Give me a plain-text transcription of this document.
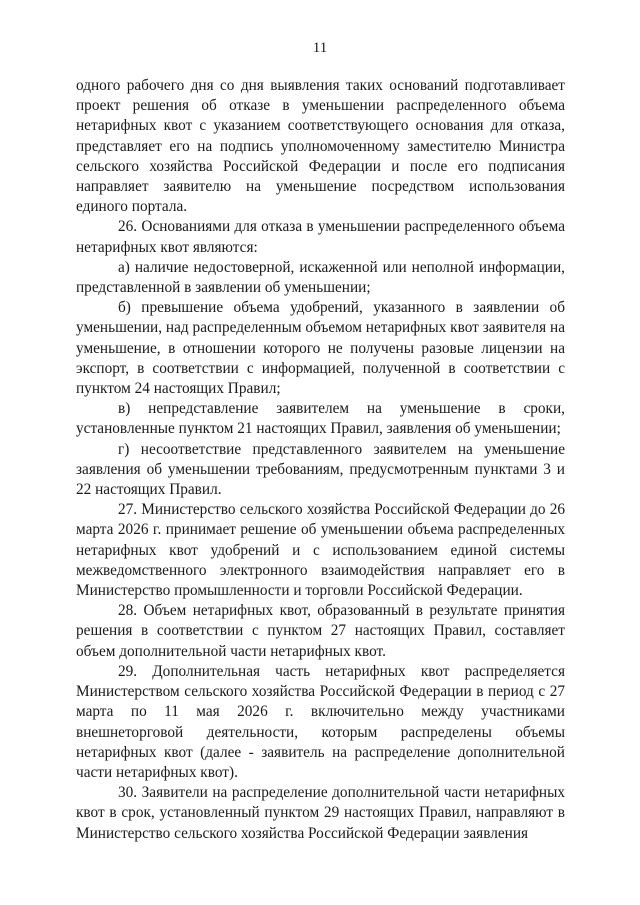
11

одного рабочего дня со дня выявления таких оснований подготавливает проект решения об отказе в уменьшении распределенного объема нетарифных квот с указанием соответствующего основания для отказа, представляет его на подпись уполномоченному заместителю Министра сельского хозяйства Российской Федерации и после его подписания направляет заявителю на уменьшение посредством использования единого портала.

26. Основаниями для отказа в уменьшении распределенного объема нетарифных квот являются:

а) наличие недостоверной, искаженной или неполной информации, представленной в заявлении об уменьшении;

б) превышение объема удобрений, указанного в заявлении об уменьшении, над распределенным объемом нетарифных квот заявителя на уменьшение, в отношении которого не получены разовые лицензии на экспорт, в соответствии с информацией, полученной в соответствии с пунктом 24 настоящих Правил;

в) непредставление заявителем на уменьшение в сроки, установленные пунктом 21 настоящих Правил, заявления об уменьшении;

г) несоответствие представленного заявителем на уменьшение заявления об уменьшении требованиям, предусмотренным пунктами 3 и 22 настоящих Правил.

27. Министерство сельского хозяйства Российской Федерации до 26 марта 2026 г. принимает решение об уменьшении объема распределенных нетарифных квот удобрений и с использованием единой системы межведомственного электронного взаимодействия направляет его в Министерство промышленности и торговли Российской Федерации.

28. Объем нетарифных квот, образованный в результате принятия решения в соответствии с пунктом 27 настоящих Правил, составляет объем дополнительной части нетарифных квот.

29. Дополнительная часть нетарифных квот распределяется Министерством сельского хозяйства Российской Федерации в период с 27 марта по 11 мая 2026 г. включительно между участниками внешнеторговой деятельности, которым распределены объемы нетарифных квот (далее - заявитель на распределение дополнительной части нетарифных квот).

30. Заявители на распределение дополнительной части нетарифных квот в срок, установленный пунктом 29 настоящих Правил, направляют в Министерство сельского хозяйства Российской Федерации заявления
